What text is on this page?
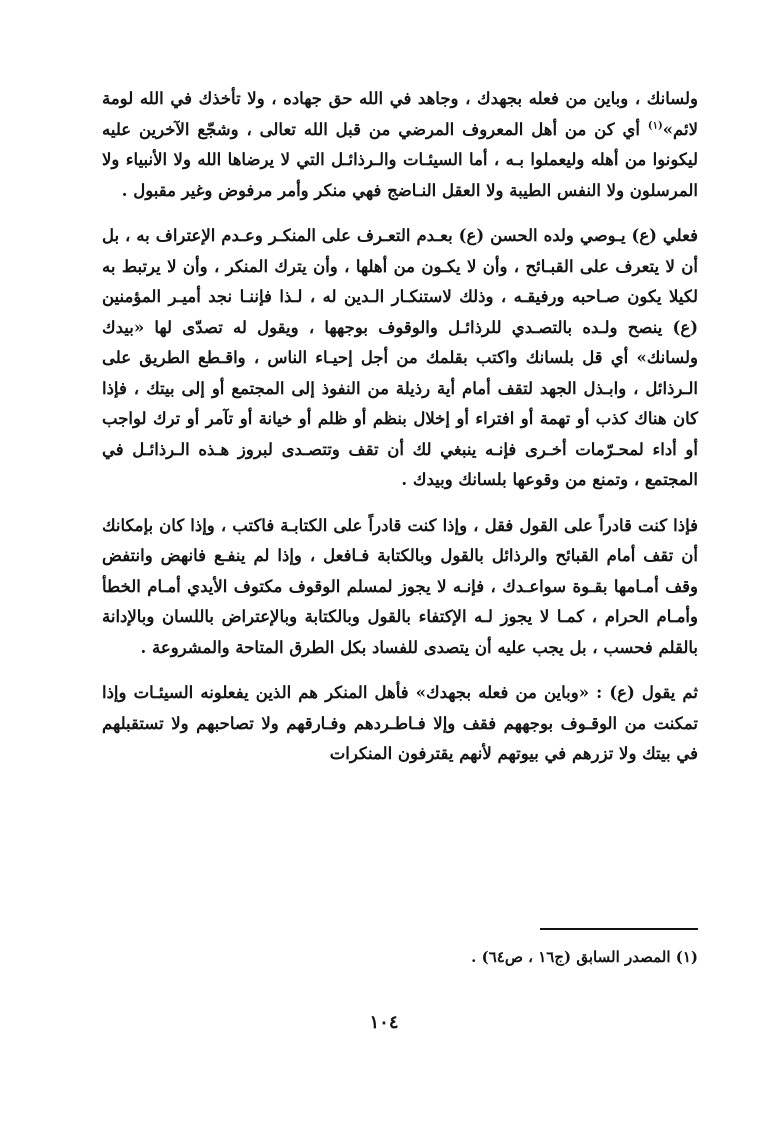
ولسانك ، وباين من فعله بجهدك ، وجاهد في الله حق جهاده ، ولا تأخذك في الله لومة لائم»$^{(١)}$ أي كن من أهل المعروف المرضي من قبل الله تعالى ، وشجّع الآخرين عليه ليكونوا من أهله وليعملوا بـه ، أما السيئـات والـرذائـل التي لا يرضاها الله ولا الأنبياء ولا المرسلون ولا النفس الطيبة ولا العقل النـاضج فهي منكر وأمر مرفوض وغير مقبول .

فعلي (ع) يـوصي ولده الحسن (ع) بعـدم التعـرف على المنكـر وعـدم الإعتراف به ، بل أن لا يتعرف على القبـائح ، وأن لا يكـون من أهلها ، وأن يترك المنكر ، وأن لا يرتبط به لكيلا يكون صـاحبه ورفيقـه ، وذلك لاستنكـار الـدين له ، لـذا فإننـا نجد أميـر المؤمنين (ع) ينصح ولـده بالتصـدي للرذائـل والوقوف بوجهها ، ويقول له تصدّى لها «بيدك ولسانك» أي قل بلسانك واكتب بقلمك من أجل إحيـاء الناس ، واقـطع الطريق على الـرذائل ، وابـذل الجهد لتقف أمام أية رذيلة من النفوذ إلى المجتمع أو إلى بيتك ، فإذا كان هناك كذب أو تهمة أو افتراء أو إخلال بنظم أو ظلم أو خيانة أو تآمر أو ترك لواجب أو أداء لمحـرّمات أخـرى فإنـه ينبغي لك أن تقف وتتصـدى لبروز هـذه الـرذائـل في المجتمع ، وتمنع من وقوعها بلسانك وبيدك .

فإذا كنت قادراً على القول فقل ، وإذا كنت قادراً على الكتابـة فاكتب ، وإذا كان بإمكانك أن تقف أمام القبائح والرذائل بالقول وبالكتابة فـافعل ، وإذا لم ينفـع فانهض وانتفض وقف أمـامها بقـوة سواعـدك ، فإنـه لا يجوز لمسلم الوقوف مكتوف الأيدي أمـام الخطأ وأمـام الحرام ، كمـا لا يجوز لـه الإكتفاء بالقول وبالكتابة وبالإعتراض باللسان وبالإدانة بالقلم فحسب ، بل يجب عليه أن يتصدى للفساد بكل الطرق المتاحة والمشروعة .

ثم يقول (ع) : «وباين من فعله بجهدك» فأهل المنكر هم الذين يفعلونه السيئـات وإذا تمكنت من الوقـوف بوجههم فقف وإلا فـاطـردهم وفـارقهم ولا تصاحبهم ولا تستقبلهم في بيتك ولا تزرهم في بيوتهم لأنهم يقترفون المنكرات

(١) المصدر السابق (ج١٦ ، ص٦٤) .
١٠٤
